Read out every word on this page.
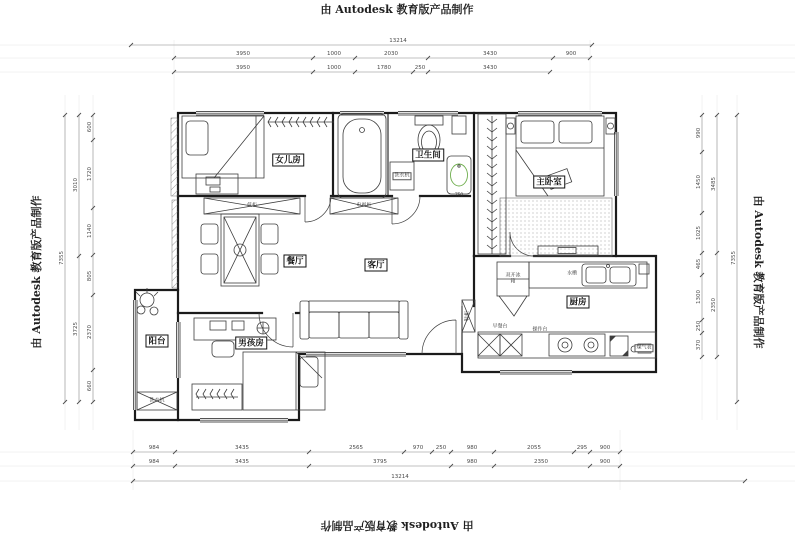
由 Autodesk 教育版产品制作
由 Autodesk 教育版产品制作
由 Autodesk 教育版产品制作	由 Autodesk 教育版产品制作
女儿房	卫生间
主卧室
餐厅	客厅
厨房
阳台	男孩房
电视柜
低柜
洗衣机
洗衣机
鞋柜
双开冰箱
水槽
早餐台	操作台
煤气表
750
13214
3950	1000	2030	3430	900
3950	1000	1780	250	3430
984	3435	2565	970 250	980	2055	295 900
984	3435	3795	980	2350	900
13214
7355
3010
3725
600
1720
1140
805
2370
660
990
1450
1025
465
1300
250
370
3485
2350
7355
